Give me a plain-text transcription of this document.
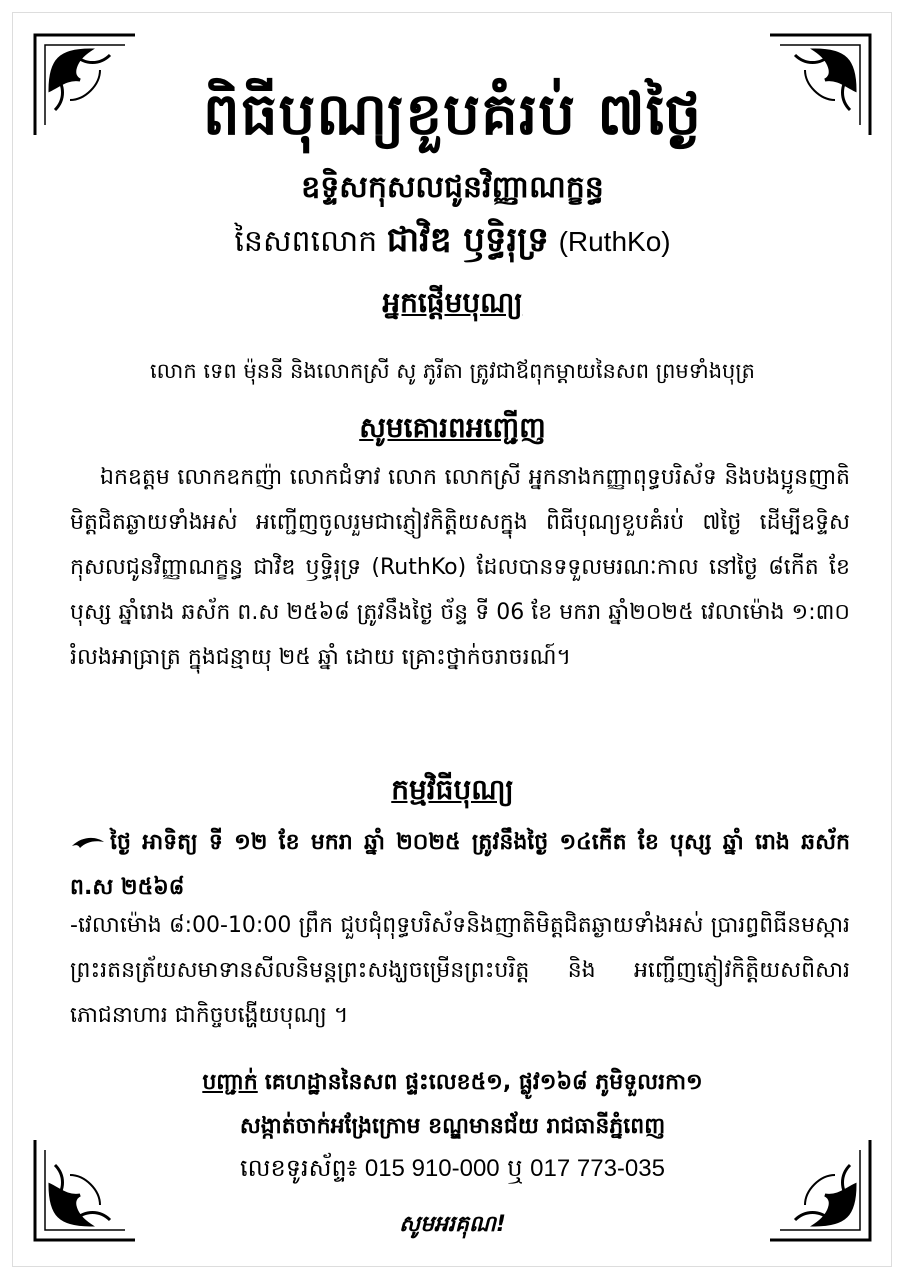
ពិធីបុណ្យខួបគំរប់ ៧ថ្ងៃ
ឧទ្ទិសកុសលជូនវិញ្ញាណក្ខន្ធ
នៃសពលោក ជាវិឌ ឫទ្ធិរុទ្រ (RuthKo)
អ្នកផ្ដើមបុណ្យ
លោក ទេព ម៉ុននី និងលោកស្រី សូ ភូរីតា ត្រូវជាឪពុកម្ដាយនៃសព ព្រមទាំងបុត្រ
សូមគោរពអញ្ជើញ
ឯកឧត្ដម លោកឧកញ៉ា លោកជំទាវ លោក លោកស្រី អ្នកនាងកញ្ញាពុទ្ធបរិស័ទ និងបងប្អូនញាតិមិត្តជិតឆ្ងាយទាំងអស់ អញ្ជើញចូលរួមជាភ្ញៀវកិត្តិយសក្នុង ពិធីបុណ្យខួបគំរប់ ៧ថ្ងៃ ដើម្បីឧទ្ទិសកុសលជូនវិញ្ញាណក្ខន្ធ ជាវិឌ ឫទ្ធិរុទ្រ (RuthKo) ដែលបានទទួលមរណៈកាល នៅថ្ងៃ ៨កើត ខែបុស្ស ឆ្នាំរោង ឆស័ក ព.ស ២៥៦៨ ត្រូវនឹងថ្ងៃ ច័ន្ទ ទី 06 ខែ មករា ឆ្នាំ២០២៥ វេលាម៉ោង ១:៣០ រំលងអាធ្រាត្រ ក្នុងជន្មាយុ ២៥ ឆ្នាំ ដោយ គ្រោះថ្នាក់ចរាចរណ៍។
កម្មវិធីបុណ្យ
ថ្ងៃ អាទិត្យ ទី ១២ ខែ មករា ឆ្នាំ ២០២៥ ត្រូវនឹងថ្ងៃ ១៤កើត ខែ បុស្ស ឆ្នាំ រោង ឆស័ក ព.ស ២៥៦៨
-វេលាម៉ោង ៨:00-10:00 ព្រឹក ជួបជុំពុទ្ធបរិស័ទនិងញាតិមិត្តជិតឆ្ងាយទាំងអស់ ប្រារព្ធពិធីនមស្ការ ព្រះរតនត្រ័យសមាទានសីលនិមន្តព្រះសង្ឃចម្រើនព្រះបរិត្ត និង អញ្ជើញភ្ញៀវកិត្តិយសពិសារភោជនាហារ ជាកិច្ចបង្ហើយបុណ្យ ។
បញ្ជាក់ គេហដ្ឋាននៃសព ផ្ទះលេខ៥១, ផ្លូវ១៦៨ ភូមិទួលរកា១
សង្កាត់ចាក់អង្រែក្រោម ខណ្ឌមានជ័យ រាជធានីភ្នំពេញ
លេខទូរស័ព្ទ៖ 015 910-000 ឬ 017 773-035
សូមអរគុណ!
